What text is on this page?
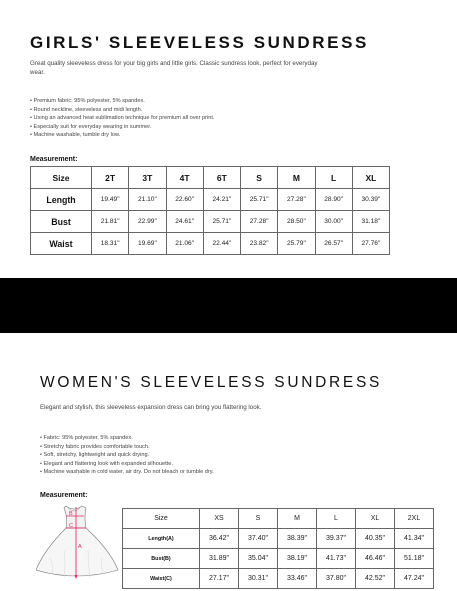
GIRLS' SLEEVELESS SUNDRESS
Great quality sleeveless dress for your big girls and little girls. Classic sundress look, perfect for everyday wear.
• Premium fabric: 95% polyester, 5% spandex.
• Round neckline, sleeveless and midi length.
• Using an advanced heat sublimation technique for premium all over print.
• Especially suit for everyday wearing in summer.
• Machine washable, tumble dry low.
Measurement:
Size	2T	3T	4T	6T	S	M	L	XL
Length	19.49"	21.10"	22.60"	24.21"	25.71"	27.28"	28.90"	30.39"
Bust	21.81"	22.99"	24.61"	25.71"	27.28"	28.50"	30.00"	31.18"
Waist	18.31"	19.69"	21.06"	22.44"	23.82"	25.79"	26.57"	27.76"
WOMEN'S SLEEVELESS SUNDRESS
Elegant and stylish, this sleeveless expansion dress can bring you flattering look.
• Fabric: 95% polyester, 5% spandex.
• Stretchy fabric provides comfortable touch.
• Soft, stretchy, lightweight and quick drying.
• Elegant and flattering look with expanded silhouette.
• Machine washable in cold water, air dry. Do not bleach or tumble dry.
Measurement:
B
C
A
Size	XS	S	M	L	XL	2XL
Length(A)	36.42"	37.40"	38.39"	39.37"	40.35"	41.34"
Bust(B)	31.89"	35.04"	38.19"	41.73"	46.46"	51.18"
Waist(C)	27.17"	30.31"	33.46"	37.80"	42.52"	47.24"
